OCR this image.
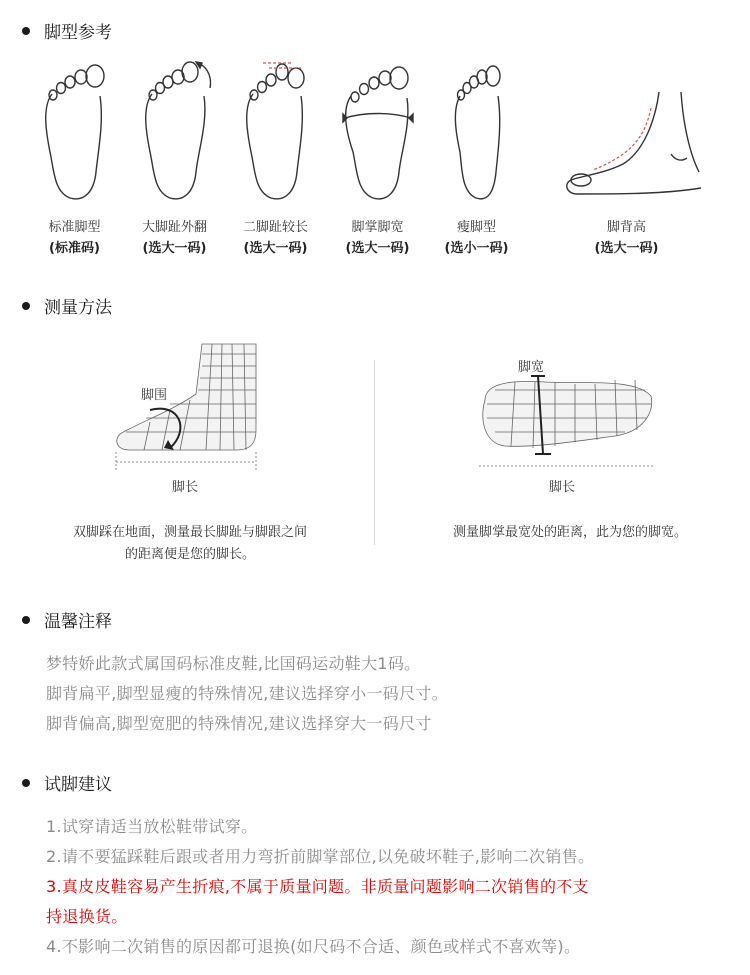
脚型参考
标准脚型
(标准码)
大脚趾外翻
(选大一码)
二脚趾较长
(选大一码)
脚掌脚宽
(选大一码)
瘦脚型
(选小一码)
脚背高
(选大一码)
测量方法
脚围
脚长
双脚踩在地面，测量最长脚趾与脚跟之间
的距离便是您的脚长。
脚宽
脚长
测量脚掌最宽处的距离，此为您的脚宽。
温馨注释

梦特娇此款式属国码标准皮鞋,比国码运动鞋大1码。

脚背扁平,脚型显瘦的特殊情况,建议选择穿小一码尺寸。

脚背偏高,脚型宽肥的特殊情况,建议选择穿大一码尺寸

试脚建议

1.试穿请适当放松鞋带试穿。

2.请不要猛踩鞋后跟或者用力弯折前脚掌部位,以免破坏鞋子,影响二次销售。

3.真皮皮鞋容易产生折痕,不属于质量问题。非质量问题影响二次销售的不支

持退换货。

4.不影响二次销售的原因都可退换(如尺码不合适、颜色或样式不喜欢等)。
